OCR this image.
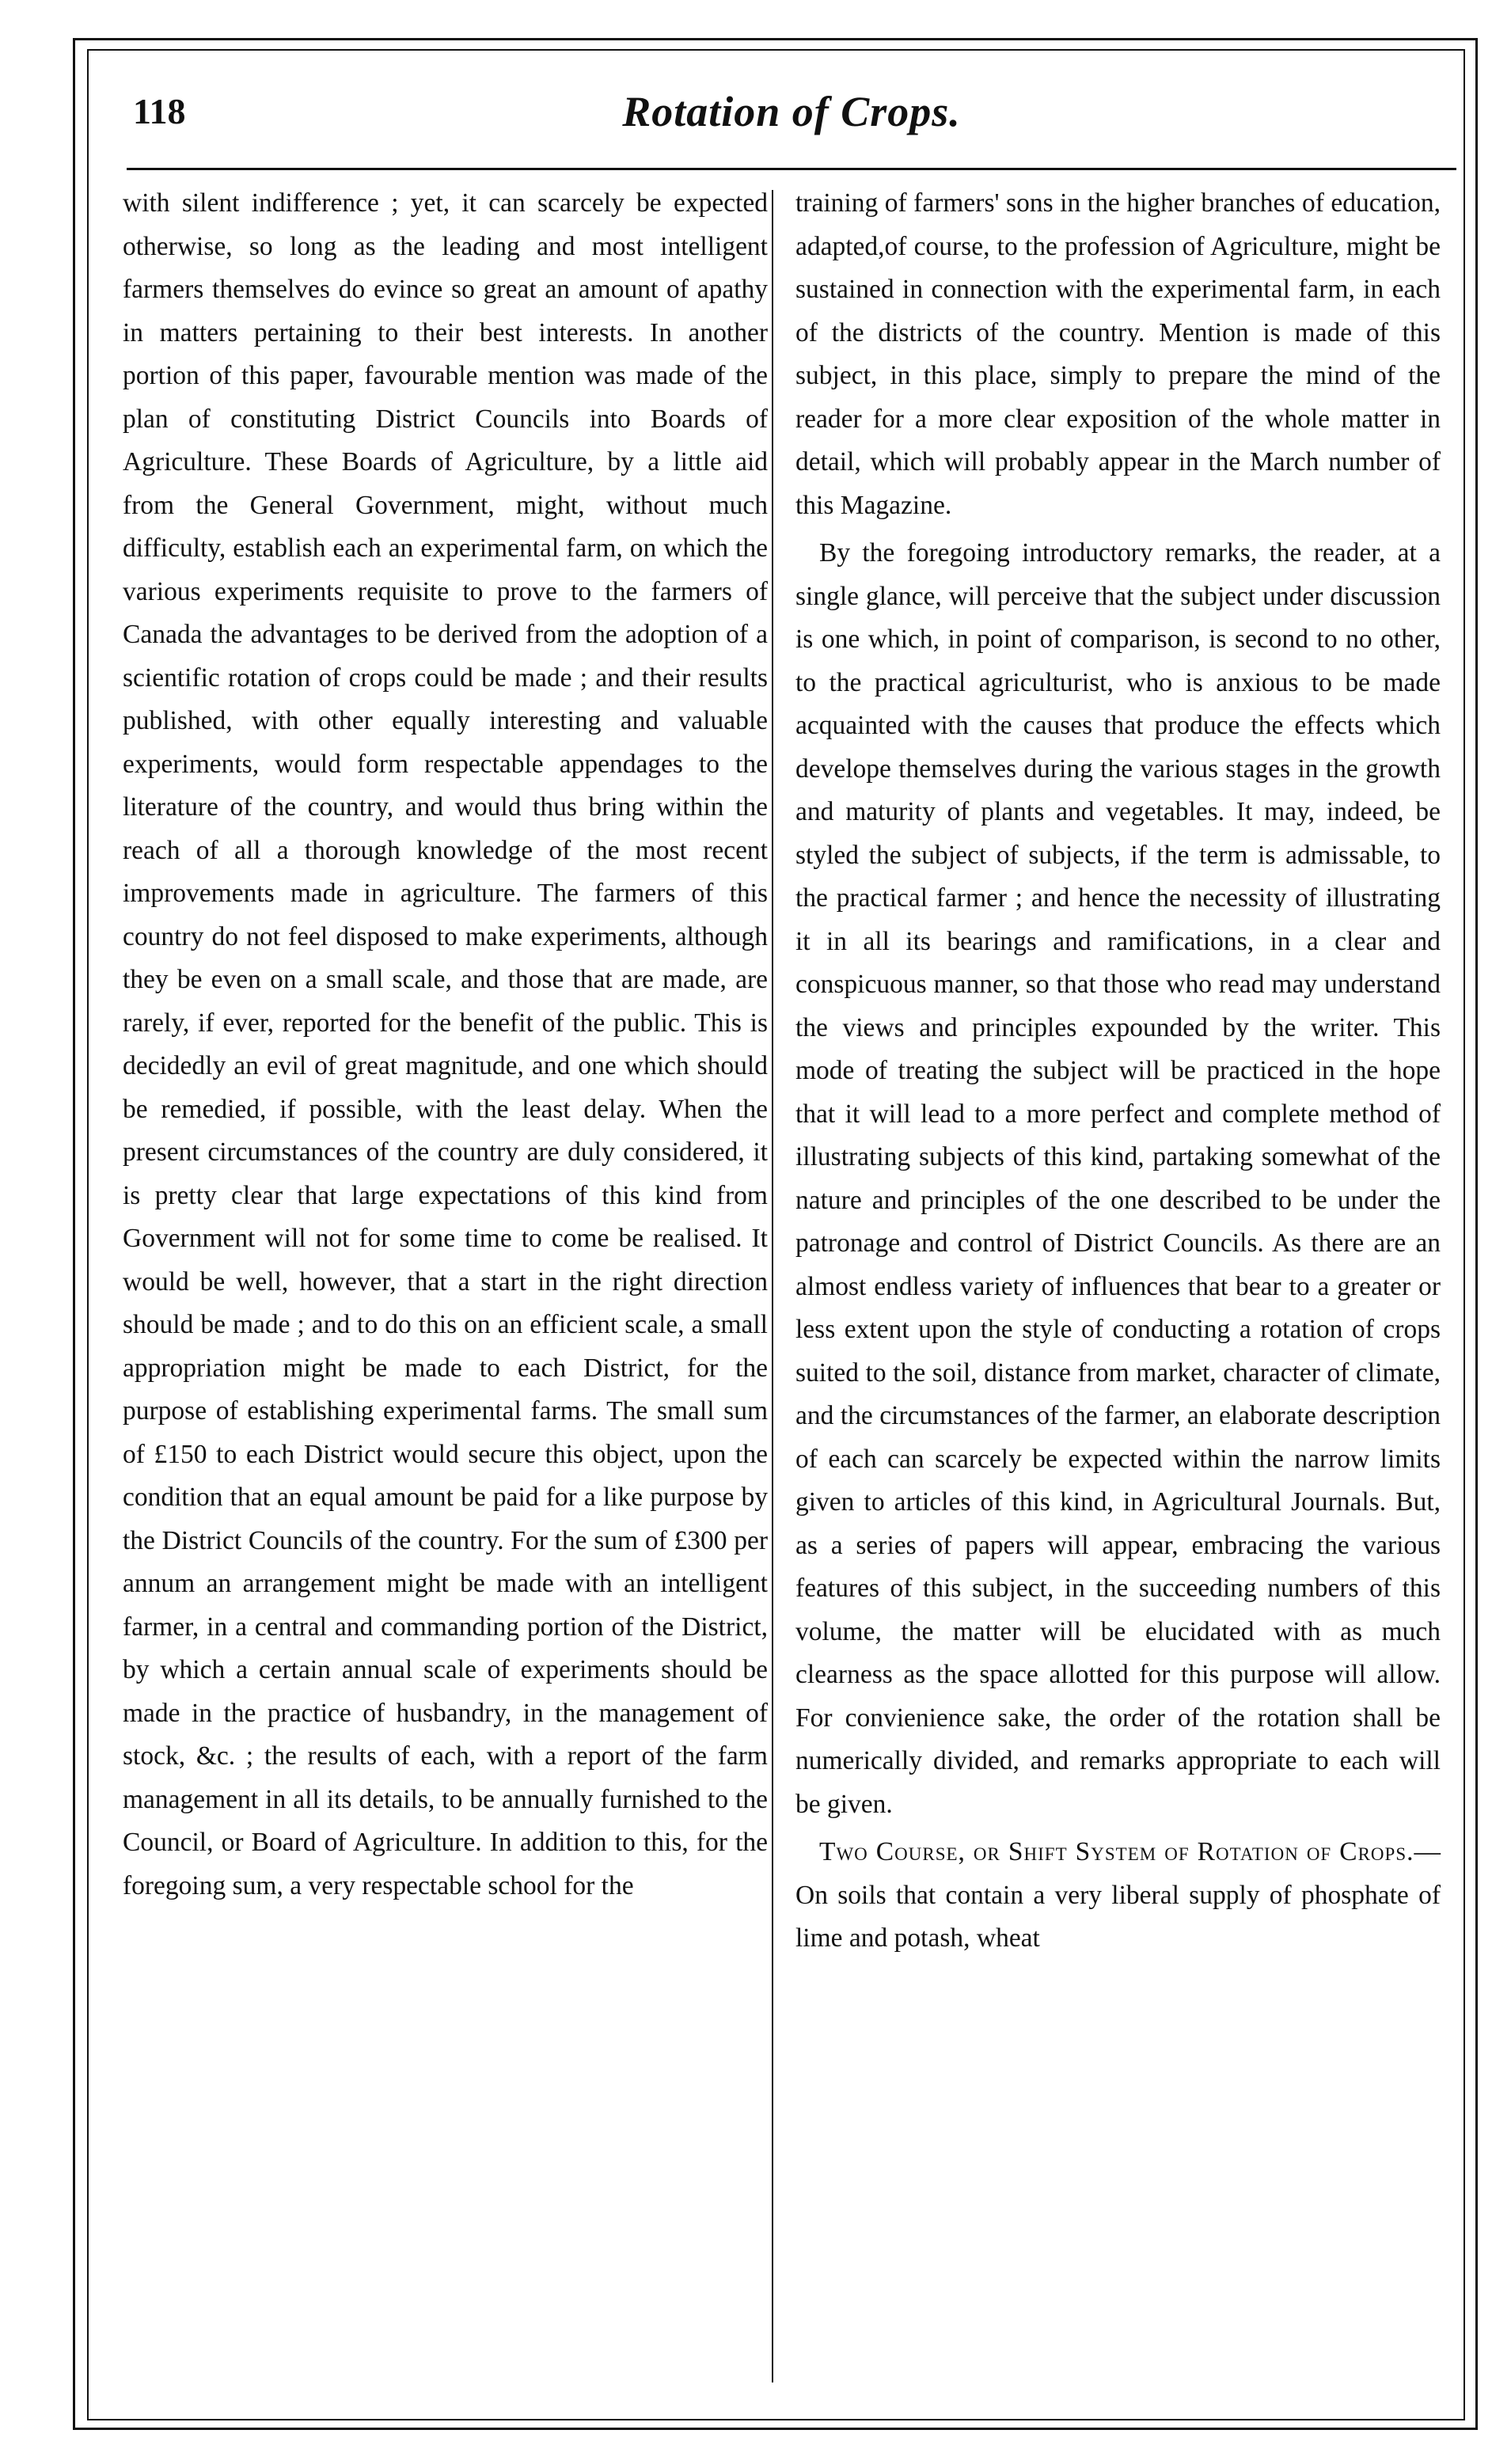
118	Rotation of Crops.

with silent indifference ; yet, it can scarcely be expected otherwise, so long as the leading and most intelligent farmers themselves do evince so great an amount of apathy in matters pertaining to their best interests. In another portion of this paper, favourable mention was made of the plan of constituting District Councils into Boards of Agriculture. These Boards of Agriculture, by a little aid from the General Government, might, without much difficulty, establish each an experimental farm, on which the various experiments requisite to prove to the farmers of Canada the advantages to be derived from the adoption of a scientific rotation of crops could be made ; and their results published, with other equally interesting and valuable experiments, would form respectable appendages to the literature of the country, and would thus bring within the reach of all a thorough knowledge of the most recent improvements made in agriculture. The farmers of this country do not feel disposed to make experiments, although they be even on a small scale, and those that are made, are rarely, if ever, reported for the benefit of the public. This is decidedly an evil of great magnitude, and one which should be remedied, if possible, with the least delay. When the present circumstances of the country are duly considered, it is pretty clear that large expectations of this kind from Government will not for some time to come be realised. It would be well, however, that a start in the right direction should be made ; and to do this on an efficient scale, a small appropriation might be made to each District, for the purpose of establishing experimental farms. The small sum of £150 to each District would secure this object, upon the condition that an equal amount be paid for a like purpose by the District Councils of the country. For the sum of £300 per annum an arrangement might be made with an intelligent farmer, in a central and commanding portion of the District, by which a certain annual scale of experiments should be made in the practice of husbandry, in the management of stock, &c. ; the results of each, with a report of the farm management in all its details, to be annually furnished to the Council, or Board of Agriculture. In addition to this, for the foregoing sum, a very respectable school for the

training of farmers' sons in the higher branches of education, adapted,of course, to the profession of Agriculture, might be sustained in connection with the experimental farm, in each of the districts of the country. Mention is made of this subject, in this place, simply to prepare the mind of the reader for a more clear exposition of the whole matter in detail, which will probably appear in the March number of this Magazine.

By the foregoing introductory remarks, the reader, at a single glance, will perceive that the subject under discussion is one which, in point of comparison, is second to no other, to the practical agriculturist, who is anxious to be made acquainted with the causes that produce the effects which develope themselves during the various stages in the growth and maturity of plants and vegetables. It may, indeed, be styled the subject of subjects, if the term is admissable, to the practical farmer ; and hence the necessity of illustrating it in all its bearings and ramifications, in a clear and conspicuous manner, so that those who read may understand the views and principles expounded by the writer. This mode of treating the subject will be practiced in the hope that it will lead to a more perfect and complete method of illustrating subjects of this kind, partaking somewhat of the nature and principles of the one described to be under the patronage and control of District Councils. As there are an almost endless variety of influences that bear to a greater or less extent upon the style of conducting a rotation of crops suited to the soil, distance from market, character of climate, and the circumstances of the farmer, an elaborate description of each can scarcely be expected within the narrow limits given to articles of this kind, in Agricultural Journals. But, as a series of papers will appear, embracing the various features of this subject, in the succeeding numbers of this volume, the matter will be elucidated with as much clearness as the space allotted for this purpose will allow. For convienience sake, the order of the rotation shall be numerically divided, and remarks appropriate to each will be given.

Two Course, or Shift System of Rotation of Crops.—On soils that contain a very liberal supply of phosphate of lime and potash, wheat
